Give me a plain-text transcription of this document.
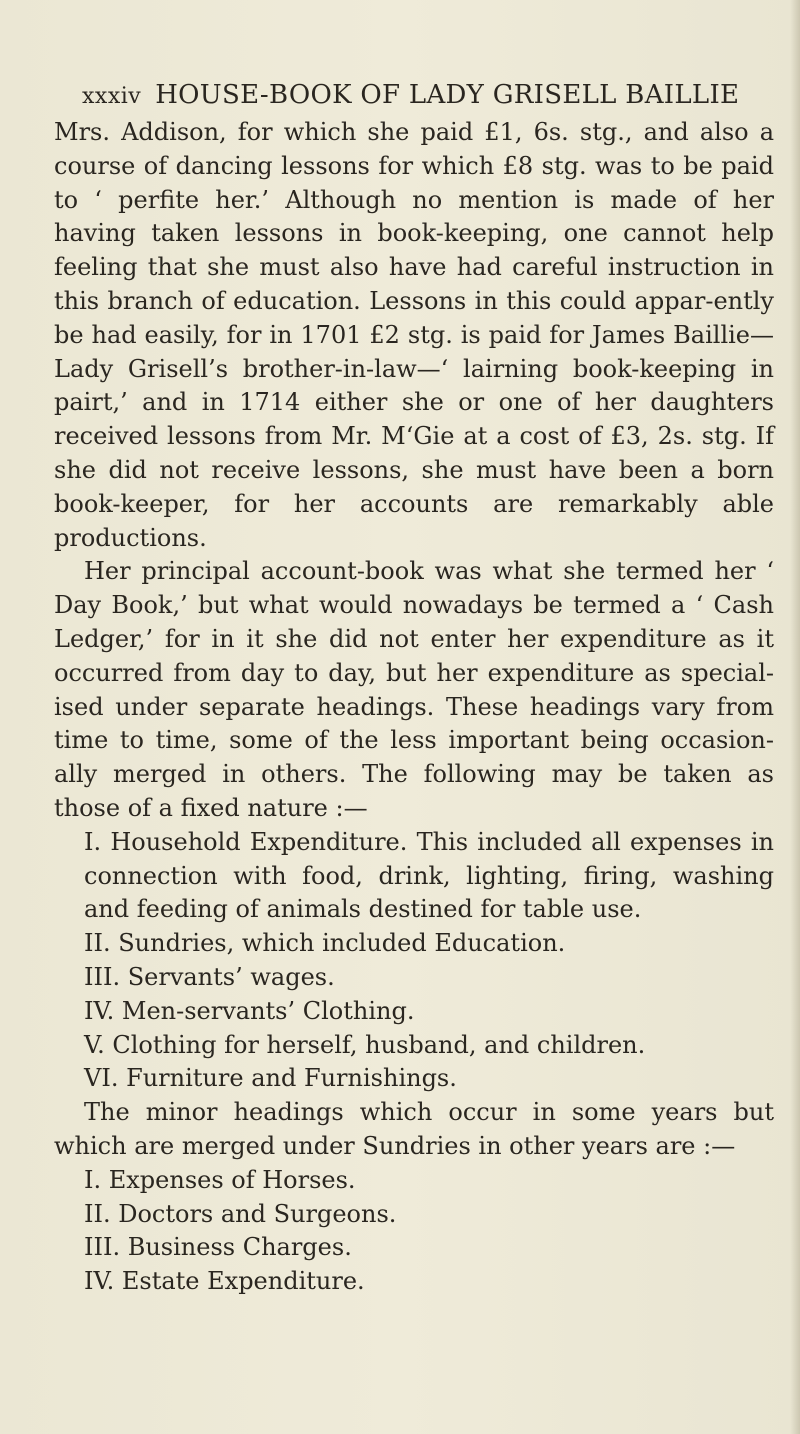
xxxiv HOUSE-BOOK OF LADY GRISELL BAILLIE

Mrs. Addison, for which she paid £1, 6s. stg., and also a course of dancing lessons for which £8 stg. was to be paid to ‘ perfite her.’ Although no mention is made of her having taken lessons in book-keeping, one cannot help feeling that she must also have had careful instruction in this branch of education. Lessons in this could appar-ently be had easily, for in 1701 £2 stg. is paid for James Baillie—Lady Grisell’s brother-in-law—‘ lairning book-keeping in pairt,’ and in 1714 either she or one of her daughters received lessons from Mr. M‘Gie at a cost of £3, 2s. stg. If she did not receive lessons, she must have been a born book-keeper, for her accounts are remarkably able productions.

Her principal account-book was what she termed her ‘ Day Book,’ but what would nowadays be termed a ‘ Cash Ledger,’ for in it she did not enter her expenditure as it occurred from day to day, but her expenditure as special-ised under separate headings. These headings vary from time to time, some of the less important being occasion-ally merged in others. The following may be taken as those of a fixed nature :—

I. Household Expenditure. This included all expenses in connection with food, drink, lighting, firing, washing and feeding of animals destined for table use.

II. Sundries, which included Education.

III. Servants’ wages.

IV. Men-servants’ Clothing.

V. Clothing for herself, husband, and children.

VI. Furniture and Furnishings.

The minor headings which occur in some years but which are merged under Sundries in other years are :—

I. Expenses of Horses.

II. Doctors and Surgeons.

III. Business Charges.

IV. Estate Expenditure.
